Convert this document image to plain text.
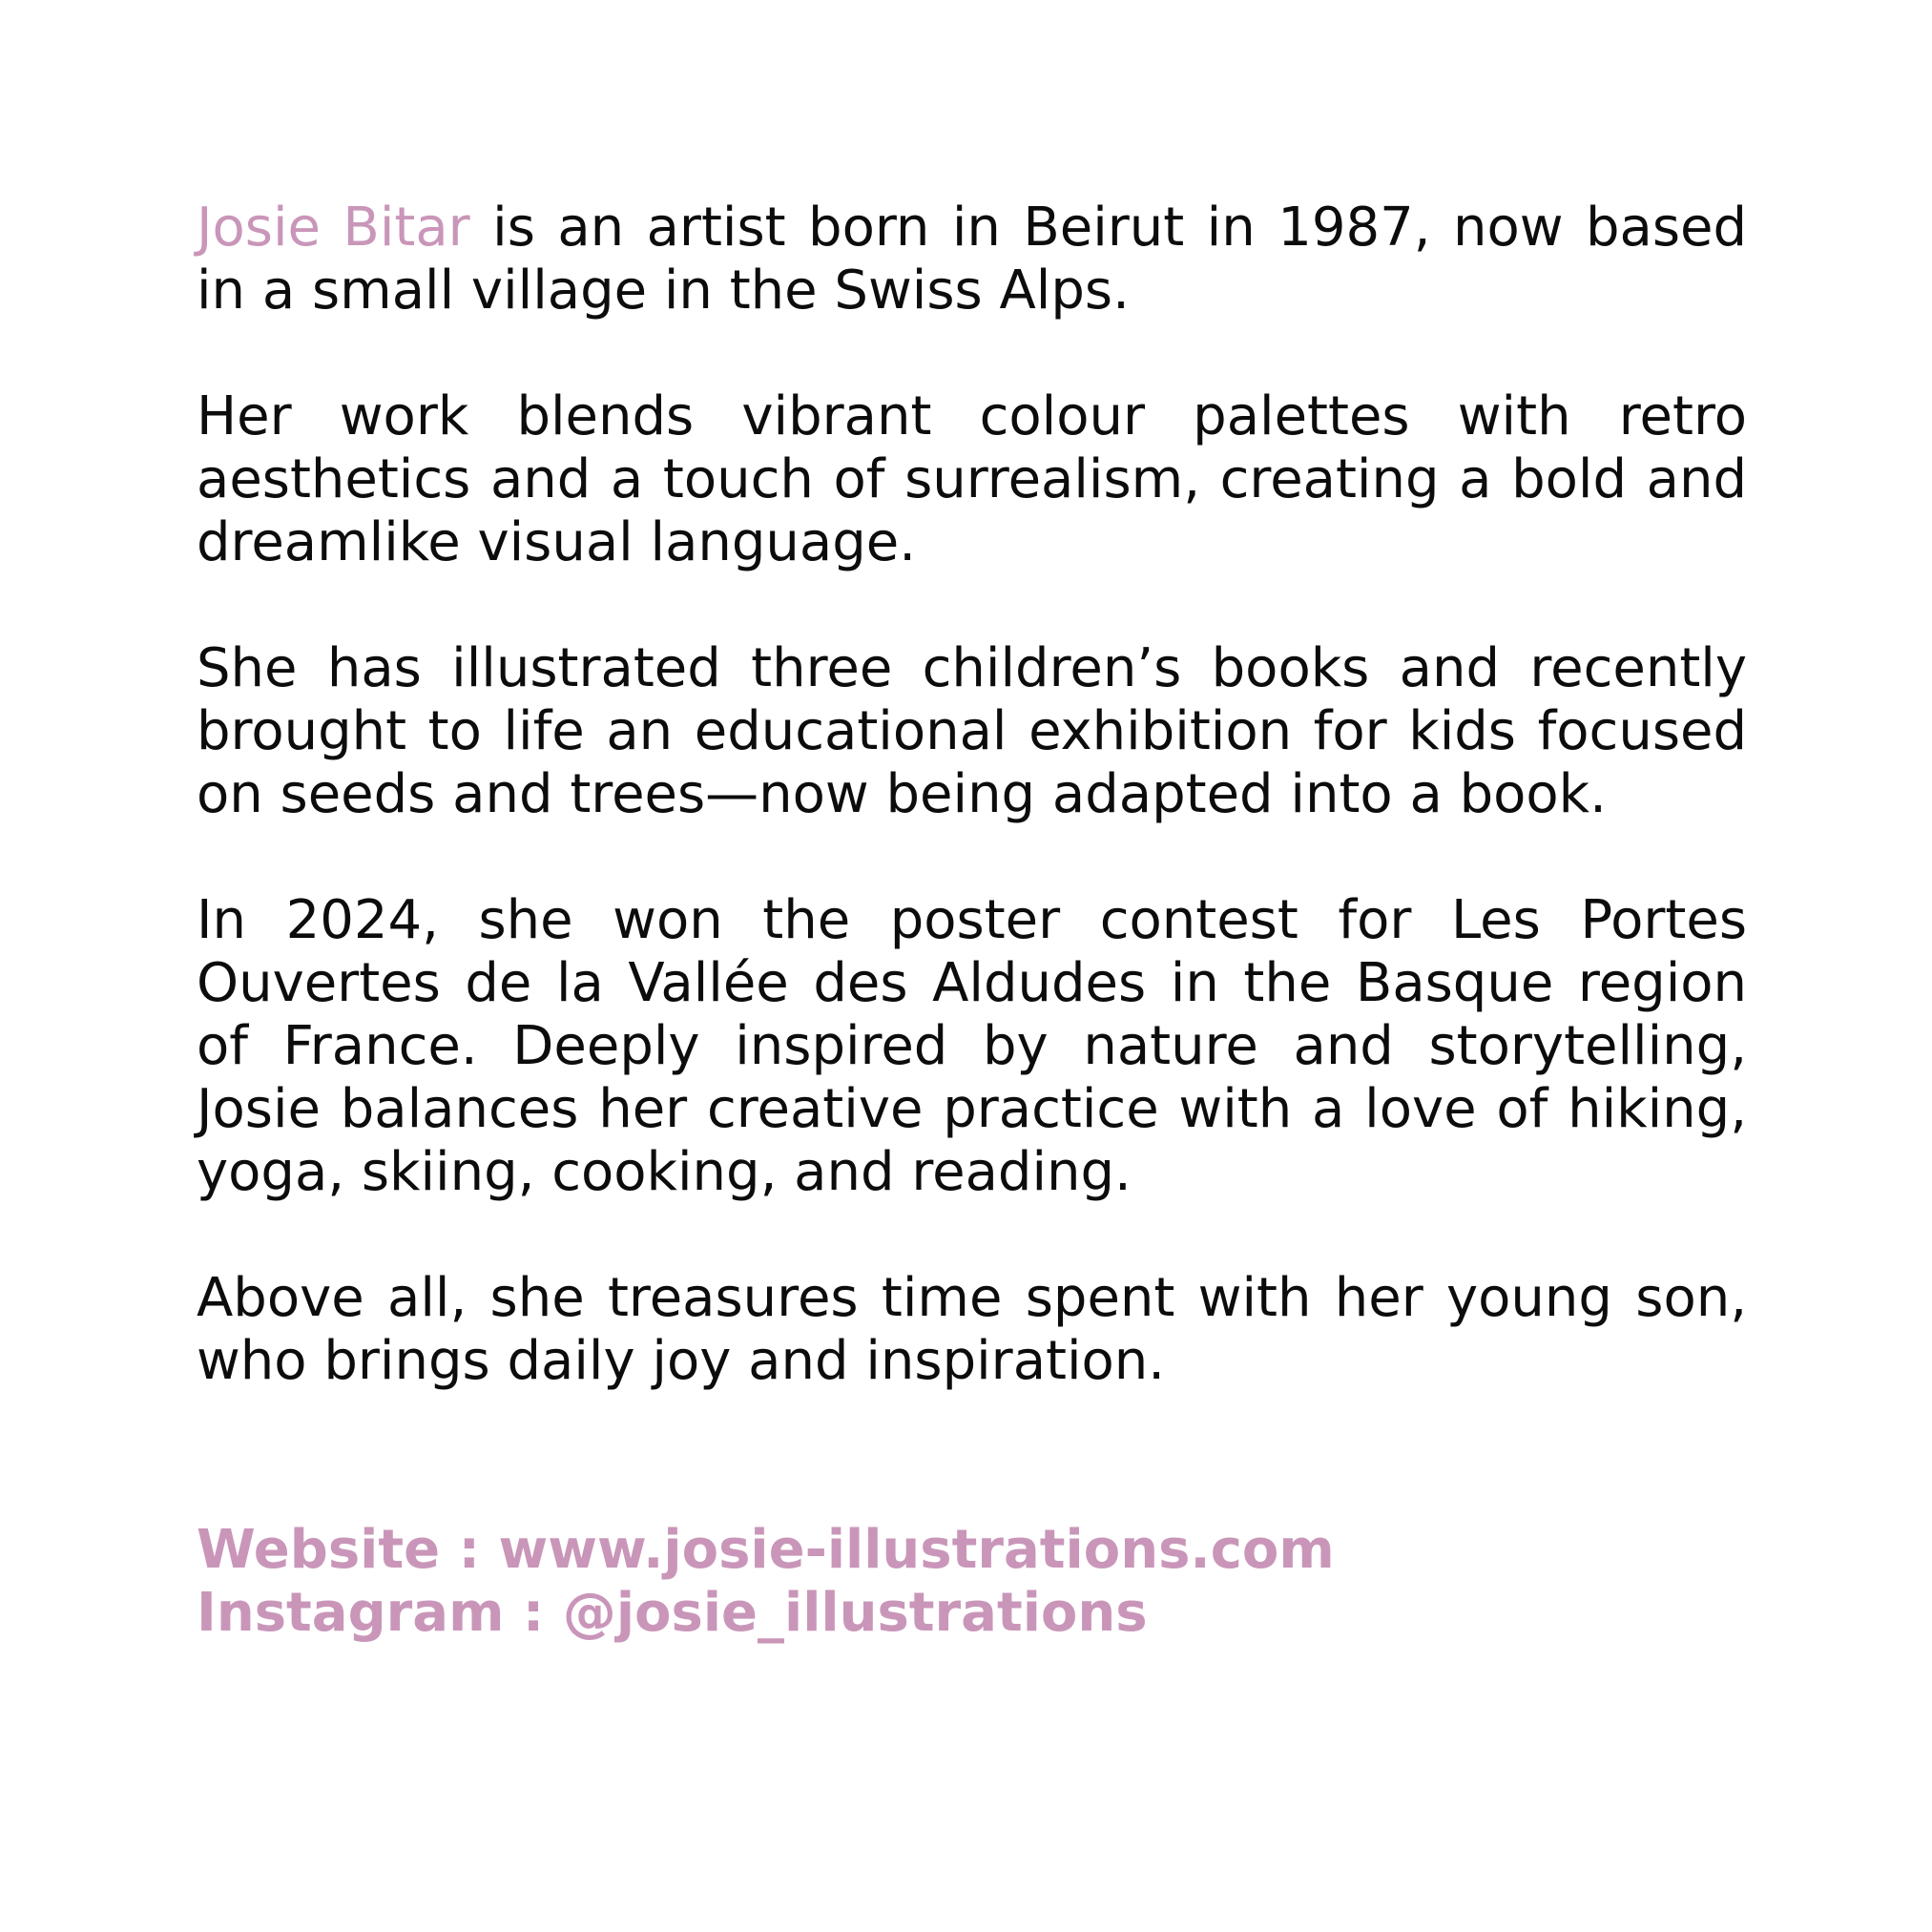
Josie Bitar is an artist born in Beirut in 1987, now based in a small village in the Swiss Alps.

Her work blends vibrant colour palettes with retro aesthetics and a touch of surrealism, creating a bold and dreamlike visual language.

She has illustrated three children’s books and recently brought to life an educational exhibition for kids focused on seeds and trees—now being adapted into a book.

In 2024, she won the poster contest for Les Portes Ouvertes de la Vallée des Aldudes in the Basque region of France. Deeply inspired by nature and storytelling, Josie balances her creative practice with a love of hiking, yoga, skiing, cooking, and reading.

Above all, she treasures time spent with her young son, who brings daily joy and inspiration.

Website : www.josie-illustrations.com
Instagram : @josie_illustrations
